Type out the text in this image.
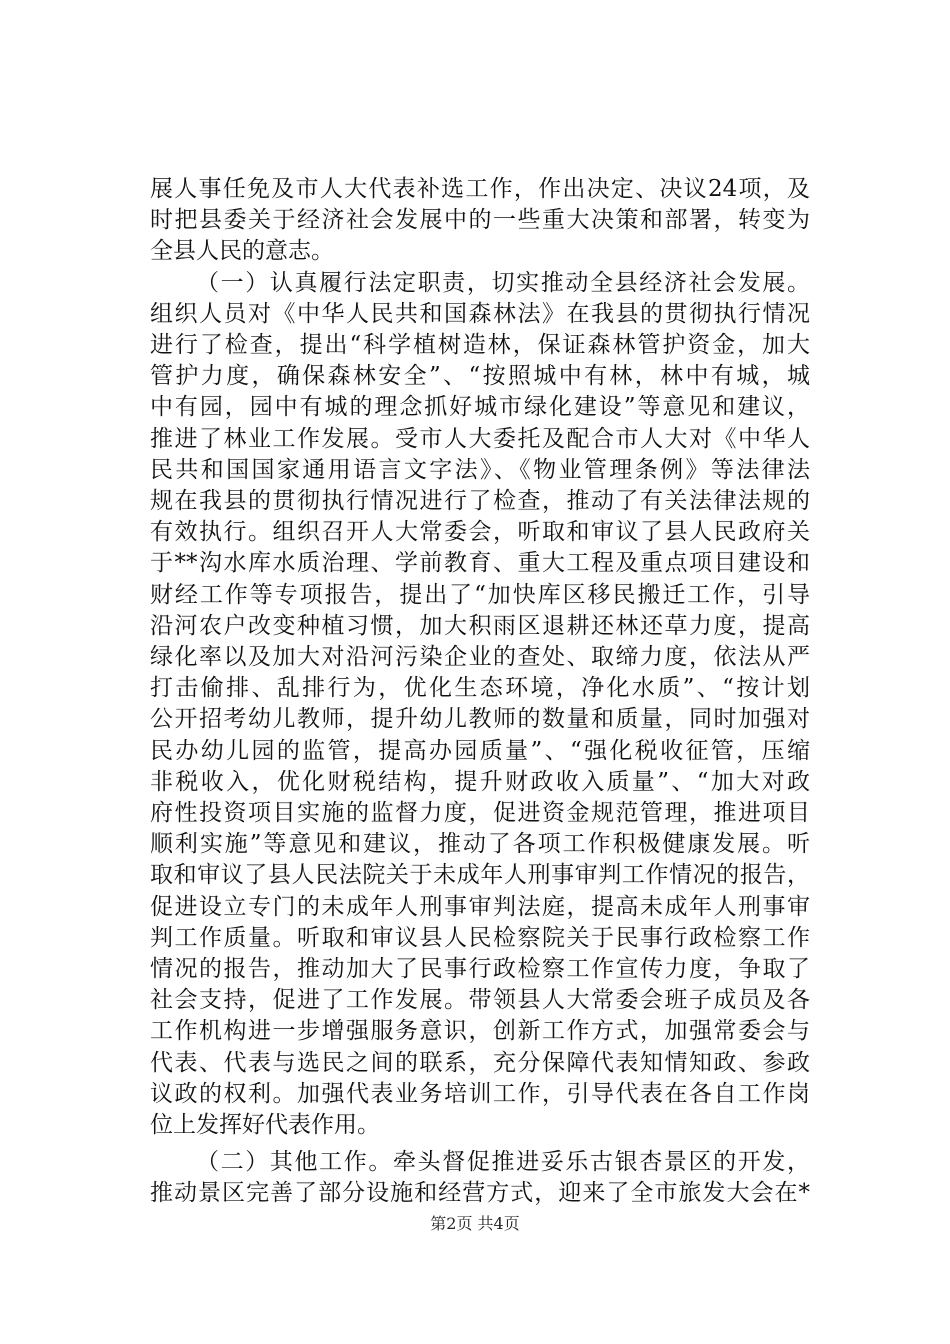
展人事任免及市人大代表补选工作，作出决定、决议24项，及
时把县委关于经济社会发展中的一些重大决策和部署，转变为
全县人民的意志。
（一）认真履行法定职责，切实推动全县经济社会发展。
组织人员对《中华人民共和国森林法》在我县的贯彻执行情况
进行了检查，提出“科学植树造林，保证森林管护资金，加大
管护力度，确保森林安全”、“按照城中有林，林中有城，城
中有园，园中有城的理念抓好城市绿化建设”等意见和建议，
推进了林业工作发展。受市人大委托及配合市人大对《中华人
民共和国国家通用语言文字法》、《物业管理条例》等法律法
规在我县的贯彻执行情况进行了检查，推动了有关法律法规的
有效执行。组织召开人大常委会，听取和审议了县人民政府关
于**沟水库水质治理、学前教育、重大工程及重点项目建设和
财经工作等专项报告，提出了“加快库区移民搬迁工作，引导
沿河农户改变种植习惯，加大积雨区退耕还林还草力度，提高
绿化率以及加大对沿河污染企业的查处、取缔力度，依法从严
打击偷排、乱排行为，优化生态环境，净化水质”、“按计划
公开招考幼儿教师，提升幼儿教师的数量和质量，同时加强对
民办幼儿园的监管，提高办园质量”、“强化税收征管，压缩
非税收入，优化财税结构，提升财政收入质量”、“加大对政
府性投资项目实施的监督力度，促进资金规范管理，推进项目
顺利实施”等意见和建议，推动了各项工作积极健康发展。听
取和审议了县人民法院关于未成年人刑事审判工作情况的报告，
促进设立专门的未成年人刑事审判法庭，提高未成年人刑事审
判工作质量。听取和审议县人民检察院关于民事行政检察工作
情况的报告，推动加大了民事行政检察工作宣传力度，争取了
社会支持，促进了工作发展。带领县人大常委会班子成员及各
工作机构进一步增强服务意识，创新工作方式，加强常委会与
代表、代表与选民之间的联系，充分保障代表知情知政、参政
议政的权利。加强代表业务培训工作，引导代表在各自工作岗
位上发挥好代表作用。
（二）其他工作。牵头督促推进妥乐古银杏景区的开发，
推动景区完善了部分设施和经营方式，迎来了全市旅发大会在*
第2页 共4页
